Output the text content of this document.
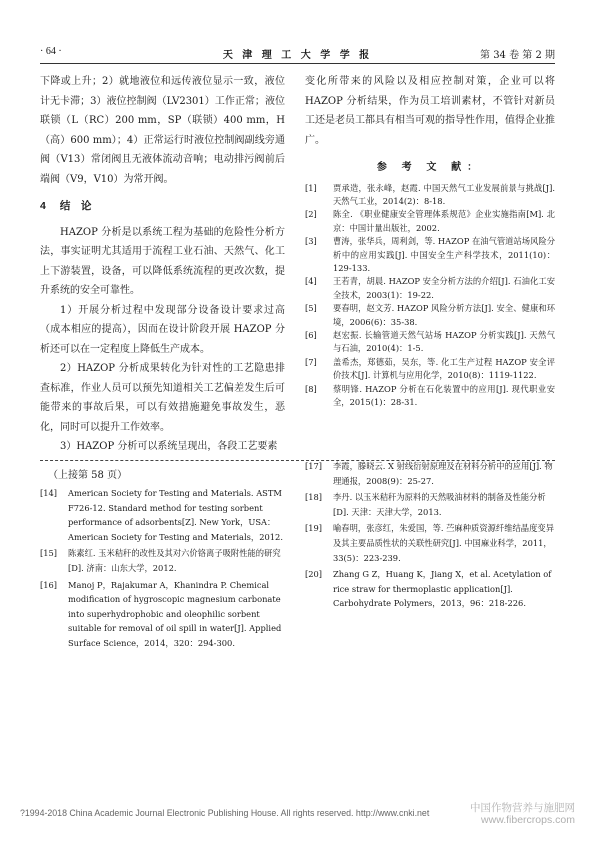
· 64 ·	天 津 理 工 大 学 学 报	第 34 卷 第 2 期

下降或上升；2）就地液位和远传液位显示一致，液位计无卡滞；3）液位控制阀（LV2301）工作正常；液位联锁（L（RC）200 mm，SP（联锁）400 mm，H（高）600 mm）；4）正常运行时液位控制阀副线旁通阀（V13）常闭阀且无液体流动音响；电动排污阀前后端阀（V9，V10）为常开阀。

4 结　论

HAZOP 分析是以系统工程为基础的危险性分析方法，事实证明尤其适用于流程工业石油、天然气、化工上下游装置，设备，可以降低系统流程的更改次数，提升系统的安全可靠性。

1）开展分析过程中发现部分设备设计要求过高（成本相应的提高），因而在设计阶段开展 HAZOP 分析还可以在一定程度上降低生产成本。

2）HAZOP 分析成果转化为针对性的工艺隐患排查标准，作业人员可以预先知道相关工艺偏差发生后可能带来的事故后果，可以有效措施避免事故发生，恶化，同时可以提升工作效率。

3）HAZOP 分析可以系统呈现出，各段工艺要素

变化所带来的风险以及相应控制对策，企业可以将 HAZOP 分析结果，作为员工培训素材，不管针对新员工还是老员工都具有相当可观的指导性作用，值得企业推广。

参 考 文 献：

[1]	贾承造，张永峰，赵霞. 中国天然气工业发展前景与挑战[J]. 天然气工业，2014(2)：8-18.
[2]	陈全. 《职业健康安全管理体系规范》企业实施指南[M]. 北京：中国计量出版社，2002.
[3]	曹涛，张华兵，周利剑，等. HAZOP 在油气管道站场风险分析中的应用实践[J]. 中国安全生产科学技术，2011(10)：129-133.
[4]	王若青，胡晨. HAZOP 安全分析方法的介绍[J]. 石油化工安全技术，2003(1)：19-22.
[5]	要春明，赵文芳. HAZOP 风险分析方法[J]. 安全、健康和环境，2006(6)：35-38.
[6]	赵宏振. 长输管道天然气站场 HAZOP 分析实践[J]. 天然气与石油，2010(4)：1-5.
[7]	盖希杰，郑德茹，吴东，等. 化工生产过程 HAZOP 安全评价技术[J]. 计算机与应用化学，2010(8)：1119-1122.
[8]	蔡明锋. HAZOP 分析在石化装置中的应用[J]. 现代职业安全，2015(1)：28-31.
（上接第 58 页）
[14]	American Society for Testing and Materials. ASTM F726-12. Standard method for testing sorbent performance of adsorbents[Z]. New York，USA：American Society for Testing and Materials，2012.
[15]	陈素红. 玉米秸秆的改性及其对六价铬离子吸附性能的研究[D]. 济南：山东大学，2012.
[16]	Manoj P，Rajakumar A，Khanindra P. Chemical modification of hygroscopic magnesium carbonate into superhydrophobic and oleophilic sorbent suitable for removal of oil spill in water[J]. Applied Surface Science，2014，320：294-300.
[17]	李霞，滕晓云. X 射线衍射原理及在材料分析中的应用[J]. 物理通报，2008(9)：25-27.
[18]	李丹. 以玉米秸秆为原料的天然吸油材料的制备及性能分析[D]. 天津：天津大学，2013.
[19]	喻春明，张彦红，朱爱国，等. 苎麻种质资源纤维结晶度变异及其主要品质性状的关联性研究[J]. 中国麻业科学，2011，33(5)：223-239.
[20]	Zhang G Z，Huang K，Jiang X，et al. Acetylation of rice straw for thermoplastic application[J]. Carbohydrate Polymers，2013，96：218-226.
?1994-2018 China Academic Journal Electronic Publishing House. All rights reserved. http://www.cnki.net	中国作物营养与施肥网
www.fibercrops.com
